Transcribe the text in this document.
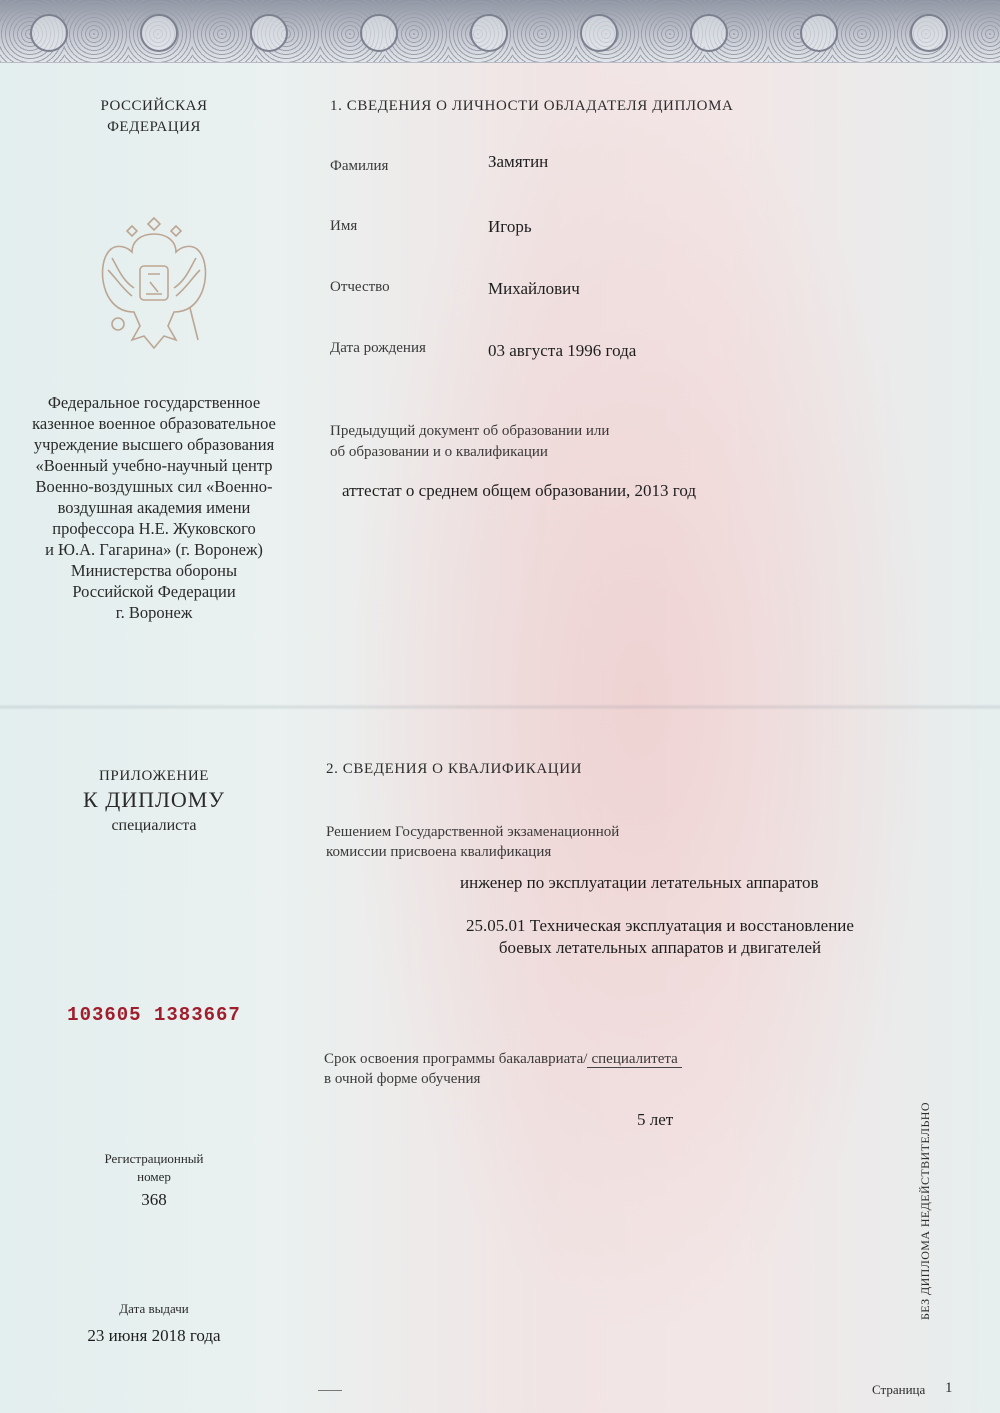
РОССИЙСКАЯ
ФЕДЕРАЦИЯ
Федеральное государственное
казенное военное образовательное
учреждение высшего образования
«Военный учебно-научный центр
Военно-воздушных сил «Военно-
воздушная академия имени
профессора Н.Е. Жуковского
и Ю.А. Гагарина» (г. Воронеж)
Министерства обороны
Российской Федерации
г. Воронеж
ПРИЛОЖЕНИЕ
К ДИПЛОМУ
специалиста
103605 1383667
Регистрационный
номер
368
Дата выдачи
23 июня 2018 года
1. СВЕДЕНИЯ О ЛИЧНОСТИ ОБЛАДАТЕЛЯ ДИПЛОМА
Фамилия	Замятин
Имя	Игорь
Отчество	Михайлович
Дата рождения	03 августа 1996 года
Предыдущий документ об образовании или
об образовании и о квалификации
аттестат о среднем общем образовании, 2013 год
2. СВЕДЕНИЯ О КВАЛИФИКАЦИИ
Решением Государственной экзаменационной
комиссии присвоена квалификация
инженер по эксплуатации летательных аппаратов
25.05.01 Техническая эксплуатация и восстановление
боевых летательных аппаратов и двигателей
Срок освоения программы бакалавриата/ специалитета
в очной форме обучения
5 лет
Страница 1
БЕЗ ДИПЛОМА НЕДЕЙСТВИТЕЛЬНО
